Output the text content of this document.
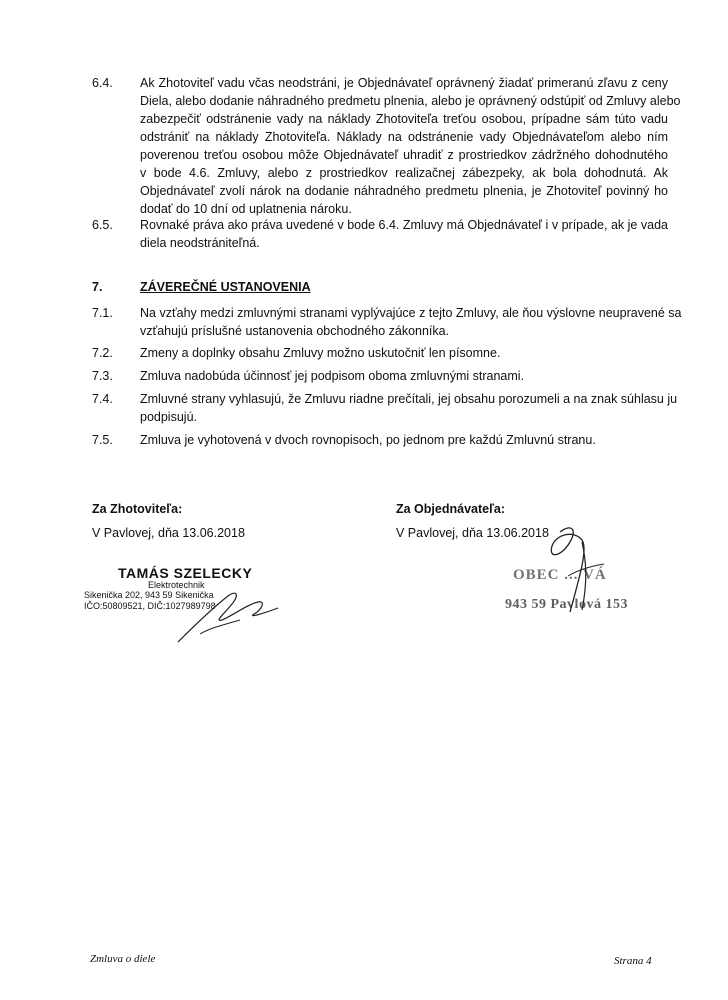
6.4. Ak Zhotoviteľ vadu včas neodstráni, je Objednávateľ oprávnený žiadať primeranú zľavu z ceny
Diela, alebo dodanie náhradného predmetu plnenia, alebo je oprávnený odstúpiť od Zmluvy alebo
zabezpečiť odstránenie vady na náklady Zhotoviteľa treťou osobou, prípadne sám túto vadu
odstrániť na náklady Zhotoviteľa. Náklady na odstránenie vady Objednávateľom alebo ním
poverenou treťou osobou môže Objednávateľ uhradiť z prostriedkov zádržného dohodnutého
v bode 4.6. Zmluvy, alebo z prostriedkov realizačnej zábezpeky, ak bola dohodnutá. Ak
Objednávateľ zvolí nárok na dodanie náhradného predmetu plnenia, je Zhotoviteľ povinný ho
dodať do 10 dní od uplatnenia nároku.
6.5. Rovnaké práva ako práva uvedené v bode 6.4. Zmluvy má Objednávateľ i v prípade, ak je vada
diela neodstrániteľná.
7.	ZÁVEREČNÉ USTANOVENIA
7.1. Na vzťahy medzi zmluvnými stranami vyplývajúce z tejto Zmluvy, ale ňou výslovne neupravené sa
vzťahujú príslušné ustanovenia obchodného zákonníka.
7.2. Zmeny a doplnky obsahu Zmluvy možno uskutočniť len písomne.
7.3. Zmluva nadobúda účinnosť jej podpisom oboma zmluvnými stranami.
7.4. Zmluvné strany vyhlasujú, že Zmluvu riadne prečítali, jej obsahu porozumeli a na znak súhlasu ju
podpisujú.
7.5. Zmluva je vyhotovená v dvoch rovnopisoch, po jednom pre každú Zmluvnú stranu.
Za Zhotoviteľa:
V Pavlovej, dňa 13.06.2018
Za Objednávateľa:
V Pavlovej, dňa 13.06.2018
TAMÁS SZELECKY
Elektrotechnik
Sikenička 202, 943 59 Sikenička
IČO:50809521, DIČ:1027989798
OBEC ... VÁ
943 59 Pavlová 153
Zmluva o diele	Strana 4
